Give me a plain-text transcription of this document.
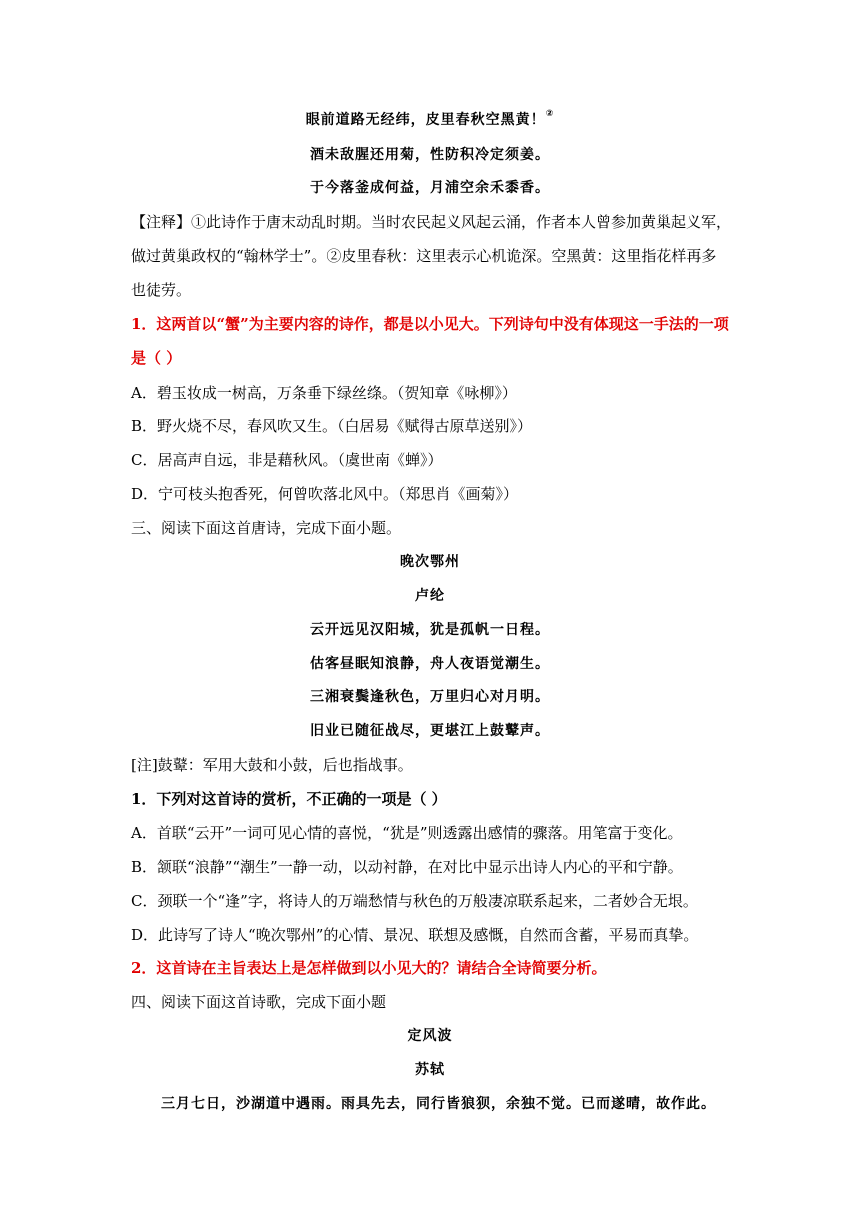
眼前道路无经纬，皮里春秋空黑黄！②
酒未敌腥还用菊，性防积冷定须姜。
于今落釜成何益，月浦空余禾黍香。
【注释】①此诗作于唐末动乱时期。当时农民起义风起云涌，作者本人曾参加黄巢起义军，
做过黄巢政权的“翰林学士”。②皮里春秋：这里表示心机诡深。空黑黄：这里指花样再多
也徒劳。
1．这两首以“蟹”为主要内容的诗作，都是以小见大。下列诗句中没有体现这一手法的一项
是（ ）
A．碧玉妆成一树高，万条垂下绿丝绦。（贺知章《咏柳》）
B．野火烧不尽，春风吹又生。（白居易《赋得古原草送别》）
C．居高声自远，非是藉秋风。（虞世南《蝉》）
D．宁可枝头抱香死，何曾吹落北风中。（郑思肖《画菊》）
三、阅读下面这首唐诗，完成下面小题。
晚次鄂州
卢纶
云开远见汉阳城，犹是孤帆一日程。
估客昼眠知浪静，舟人夜语觉潮生。
三湘衰鬓逢秋色，万里归心对月明。
旧业已随征战尽，更堪江上鼓鼙声。
[注]鼓鼙：军用大鼓和小鼓，后也指战事。
1．下列对这首诗的赏析，不正确的一项是（ ）
A．首联“云开”一词可见心情的喜悦，“犹是”则透露出感情的骤落。用笔富于变化。
B．颔联“浪静”“潮生”一静一动，以动衬静，在对比中显示出诗人内心的平和宁静。
C．颈联一个“逢”字，将诗人的万端愁情与秋色的万般凄凉联系起来，二者妙合无垠。
D．此诗写了诗人“晚次鄂州”的心情、景况、联想及感慨，自然而含蓄，平易而真挚。
2．这首诗在主旨表达上是怎样做到以小见大的？请结合全诗简要分析。
四、阅读下面这首诗歌，完成下面小题
定风波
苏轼
三月七日，沙湖道中遇雨。雨具先去，同行皆狼狈，余独不觉。已而遂晴，故作此。
